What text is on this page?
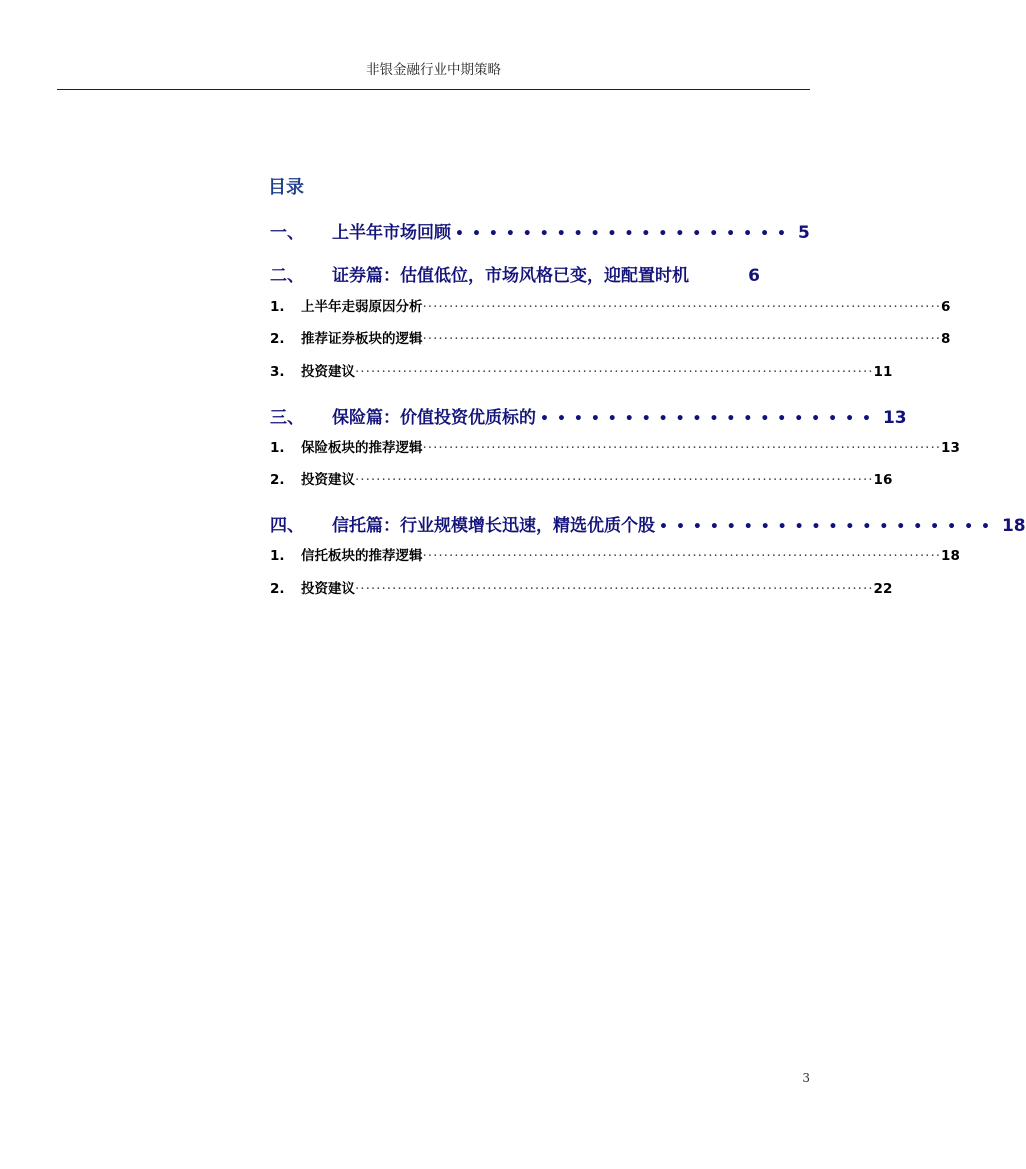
非银金融行业中期策略
目录
一、	上半年市场回顾 •••••••••••••••••••• 5
二、	证券篇：估值低位，市场风格已变，迎配置时机	6
1.	上半年走弱原因分析 ·································································································· 6
2.	推荐证券板块的逻辑 ·································································································· 8
3.	投资建议 ·································································································· 11
三、	保险篇：价值投资优质标的 •••••••••••••••••••• 13
1.	保险板块的推荐逻辑 ·································································································· 13
2.	投资建议 ·································································································· 16
四、	信托篇：行业规模增长迅速，精选优质个股 •••••••••••••••••••• 18
1.	信托板块的推荐逻辑 ·································································································· 18
2.	投资建议 ·································································································· 22
3
